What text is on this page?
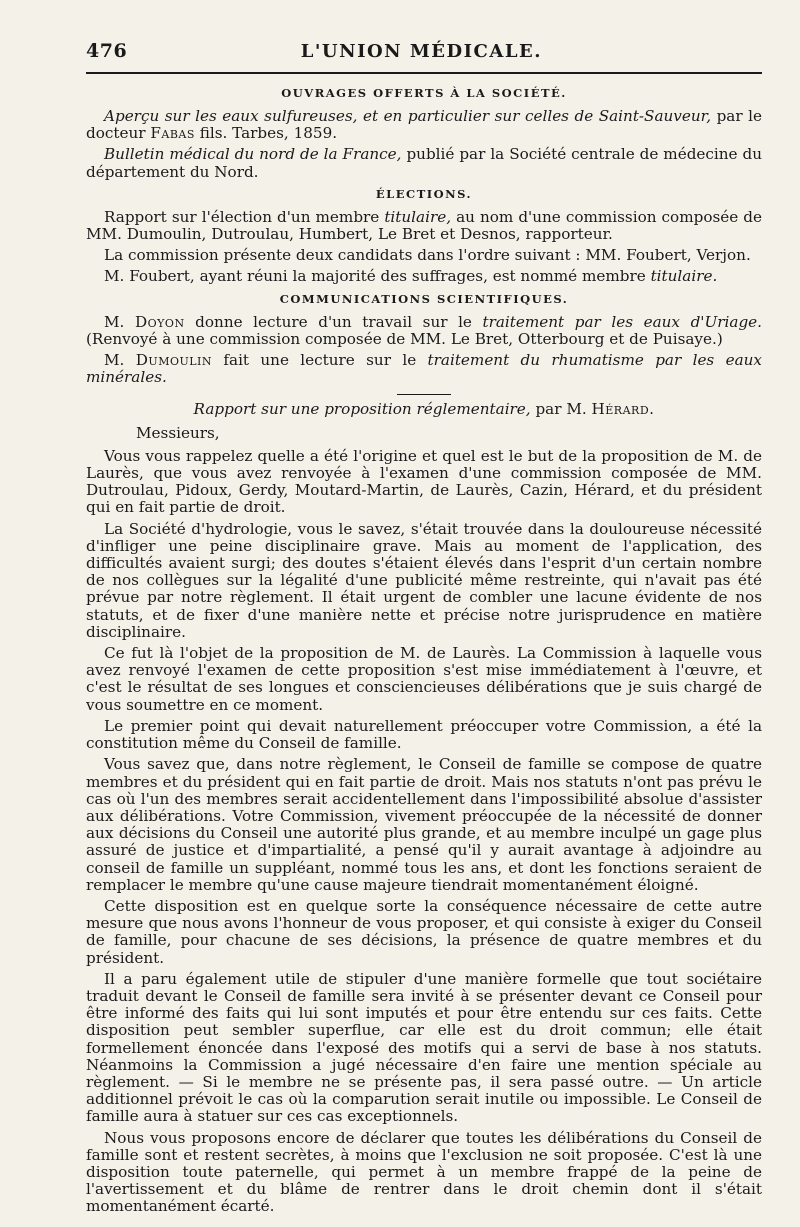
476	L'UNION MÉDICALE.
OUVRAGES OFFERTS À LA SOCIÉTÉ.

Aperçu sur les eaux sulfureuses, et en particulier sur celles de Saint-Sauveur, par le docteur Fabas fils. Tarbes, 1859.

Bulletin médical du nord de la France, publié par la Société centrale de médecine du département du Nord.

ÉLECTIONS.

Rapport sur l'élection d'un membre titulaire, au nom d'une commission composée de MM. Dumoulin, Dutroulau, Humbert, Le Bret et Desnos, rapporteur.

La commission présente deux candidats dans l'ordre suivant : MM. Foubert, Verjon.

M. Foubert, ayant réuni la majorité des suffrages, est nommé membre titulaire.

COMMUNICATIONS SCIENTIFIQUES.

M. Doyon donne lecture d'un travail sur le traitement par les eaux d'Uriage. (Renvoyé à une commission composée de MM. Le Bret, Otterbourg et de Puisaye.)

M. Dumoulin fait une lecture sur le traitement du rhumatisme par les eaux minérales.

Rapport sur une proposition réglementaire, par M. Hérard.

Messieurs,

Vous vous rappelez quelle a été l'origine et quel est le but de la proposition de M. de Laurès, que vous avez renvoyée à l'examen d'une commission composée de MM. Dutroulau, Pidoux, Gerdy, Moutard-Martin, de Laurès, Cazin, Hérard, et du président qui en fait partie de droit.

La Société d'hydrologie, vous le savez, s'était trouvée dans la douloureuse nécessité d'infliger une peine disciplinaire grave. Mais au moment de l'application, des difficultés avaient surgi; des doutes s'étaient élevés dans l'esprit d'un certain nombre de nos collègues sur la légalité d'une publicité même restreinte, qui n'avait pas été prévue par notre règlement. Il était urgent de combler une lacune évidente de nos statuts, et de fixer d'une manière nette et précise notre jurisprudence en matière disciplinaire.

Ce fut là l'objet de la proposition de M. de Laurès. La Commission à laquelle vous avez renvoyé l'examen de cette proposition s'est mise immédiatement à l'œuvre, et c'est le résultat de ses longues et consciencieuses délibérations que je suis chargé de vous soumettre en ce moment.

Le premier point qui devait naturellement préoccuper votre Commission, a été la constitution même du Conseil de famille.

Vous savez que, dans notre règlement, le Conseil de famille se compose de quatre membres et du président qui en fait partie de droit. Mais nos statuts n'ont pas prévu le cas où l'un des membres serait accidentellement dans l'impossibilité absolue d'assister aux délibérations. Votre Commission, vivement préoccupée de la nécessité de donner aux décisions du Conseil une autorité plus grande, et au membre inculpé un gage plus assuré de justice et d'impartialité, a pensé qu'il y aurait avantage à adjoindre au conseil de famille un suppléant, nommé tous les ans, et dont les fonctions seraient de remplacer le membre qu'une cause majeure tiendrait momentanément éloigné.

Cette disposition est en quelque sorte la conséquence nécessaire de cette autre mesure que nous avons l'honneur de vous proposer, et qui consiste à exiger du Conseil de famille, pour chacune de ses décisions, la présence de quatre membres et du président.

Il a paru également utile de stipuler d'une manière formelle que tout sociétaire traduit devant le Conseil de famille sera invité à se présenter devant ce Conseil pour être informé des faits qui lui sont imputés et pour être entendu sur ces faits. Cette disposition peut sembler superflue, car elle est du droit commun; elle était formellement énoncée dans l'exposé des motifs qui a servi de base à nos statuts. Néanmoins la Commission a jugé nécessaire d'en faire une mention spéciale au règlement. — Si le membre ne se présente pas, il sera passé outre. — Un article additionnel prévoit le cas où la comparution serait inutile ou impossible. Le Conseil de famille aura à statuer sur ces cas exceptionnels.

Nous vous proposons encore de déclarer que toutes les délibérations du Conseil de famille sont et restent secrètes, à moins que l'exclusion ne soit proposée. C'est là une disposition toute paternelle, qui permet à un membre frappé de la peine de l'avertissement et du blâme de rentrer dans le droit chemin dont il s'était momentanément écarté.
